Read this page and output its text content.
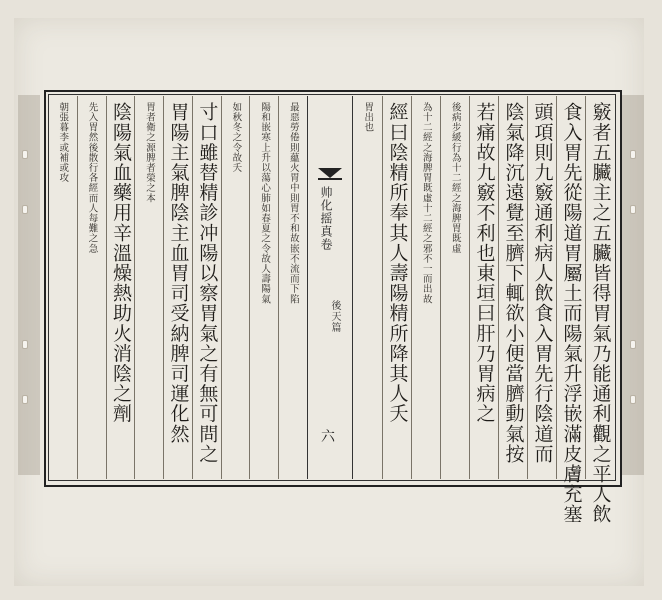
最惡勞倦則蘊火胃中則胃不和故嵌不流而下陷
陽和嵌寒上升以蕩心肺如春夏之令故人壽陽氣
如秋冬之令故夭
寸口雖替精診冲陽以察胃氣之有無可問之
胃陽主氣脾陰主血胃司受納脾司運化然
胃者衛之源脾者榮之本
陰陽氣血藥用辛溫燥熱助火消陰之劑
先入胃然後散行各經而人每難之急
朝張暮李或補或攻
帅化摇真卷
六
後天篇	竅者五臟主之五臟皆得胃氣乃能通利觀之平人飲
食入胃先從陽道胃屬土而陽氣升浮嵌滿皮膚充塞
頭項則九竅通利病人飲食入胃先行陰道而
陰氣降沉遠覺至臍下輒欲小便當臍動氣按
若痛故九竅不利也東垣曰肝乃胃病之
後病步緩行為十二經之海脾胃既虛
為十二經之海脾胃既虛十二經之邪不一而出故
經曰陰精所奉其人壽陽精所降其人夭
胃出也
